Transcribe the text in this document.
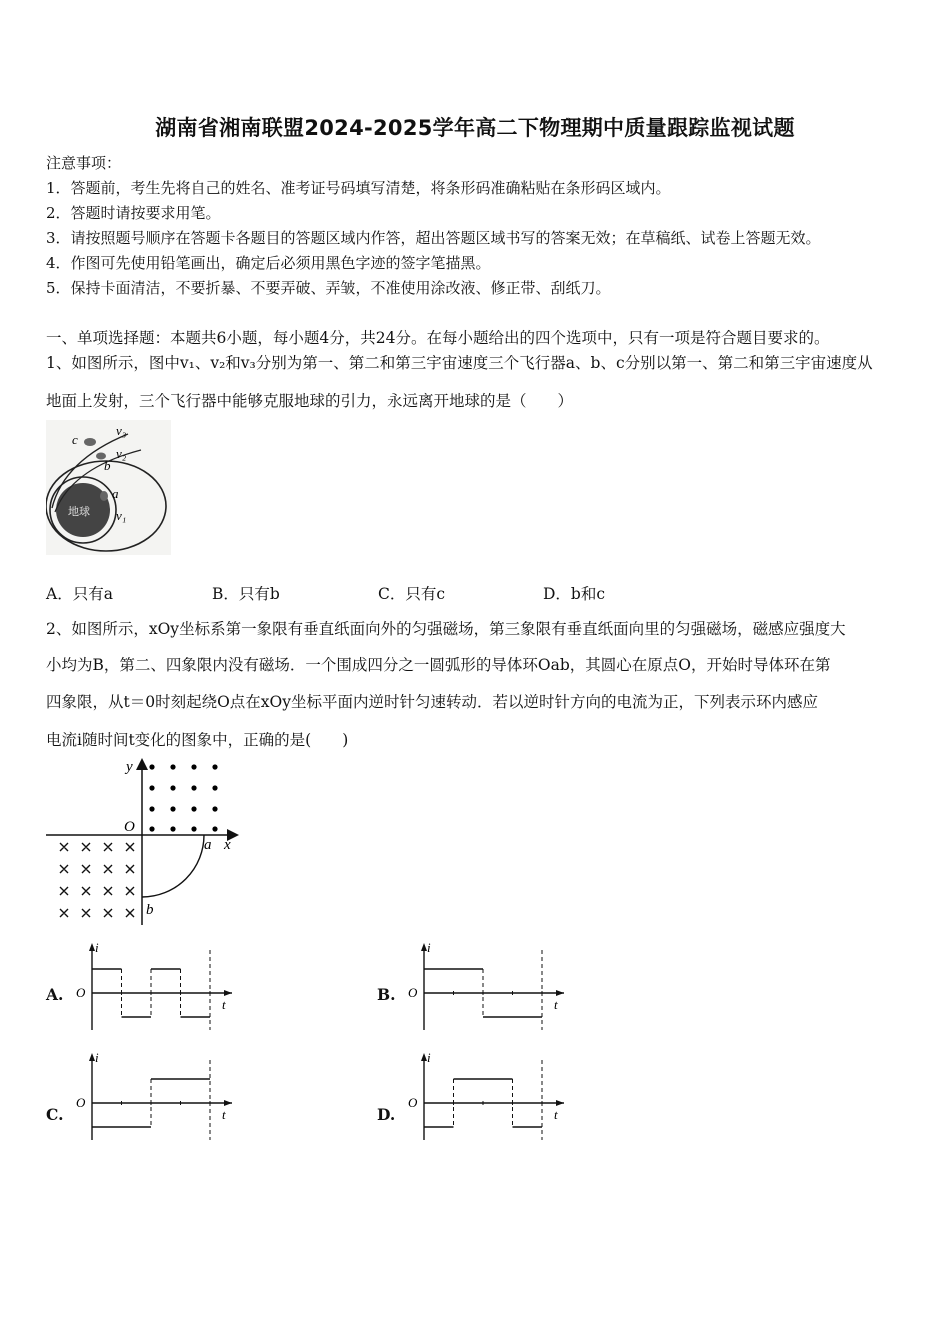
湖南省湘南联盟2024-2025学年高二下物理期中质量跟踪监视试题
注意事项：
1．答题前，考生先将自己的姓名、准考证号码填写清楚，将条形码准确粘贴在条形码区域内。
2．答题时请按要求用笔。
3．请按照题号顺序在答题卡各题目的答题区域内作答，超出答题区域书写的答案无效；在草稿纸、试卷上答题无效。
4．作图可先使用铅笔画出，确定后必须用黑色字迹的签字笔描黑。
5．保持卡面清洁，不要折暴、不要弄破、弄皱，不准使用涂改液、修正带、刮纸刀。
一、单项选择题：本题共6小题，每小题4分，共24分。在每小题给出的四个选项中，只有一项是符合题目要求的。
1、如图所示，图中v₁、v₂和v₃分别为第一、第二和第三宇宙速度三个飞行器a、b、c分别以第一、第二和第三宇宙速度从
地面上发射，三个飞行器中能够克服地球的引力，永远离开地球的是（　　）
地球
c
v₃
v₂
b
a
v₁
A．只有a	B．只有b	C．只有c	D．b和c
2、如图所示，xOy坐标系第一象限有垂直纸面向外的匀强磁场，第三象限有垂直纸面向里的匀强磁场，磁感应强度大
小均为B，第二、四象限内没有磁场．一个围成四分之一圆弧形的导体环Oab，其圆心在原点O，开始时导体环在第
四象限，从t＝0时刻起绕O点在xOy坐标平面内逆时针匀速转动．若以逆时针方向的电流为正，下列表示环内感应
电流i随时间t变化的图象中，正确的是(　　)
y
O
a x
b
A.	B.
C.	D.
i
O
t
i
O
t
i
O
t
i
O
t
